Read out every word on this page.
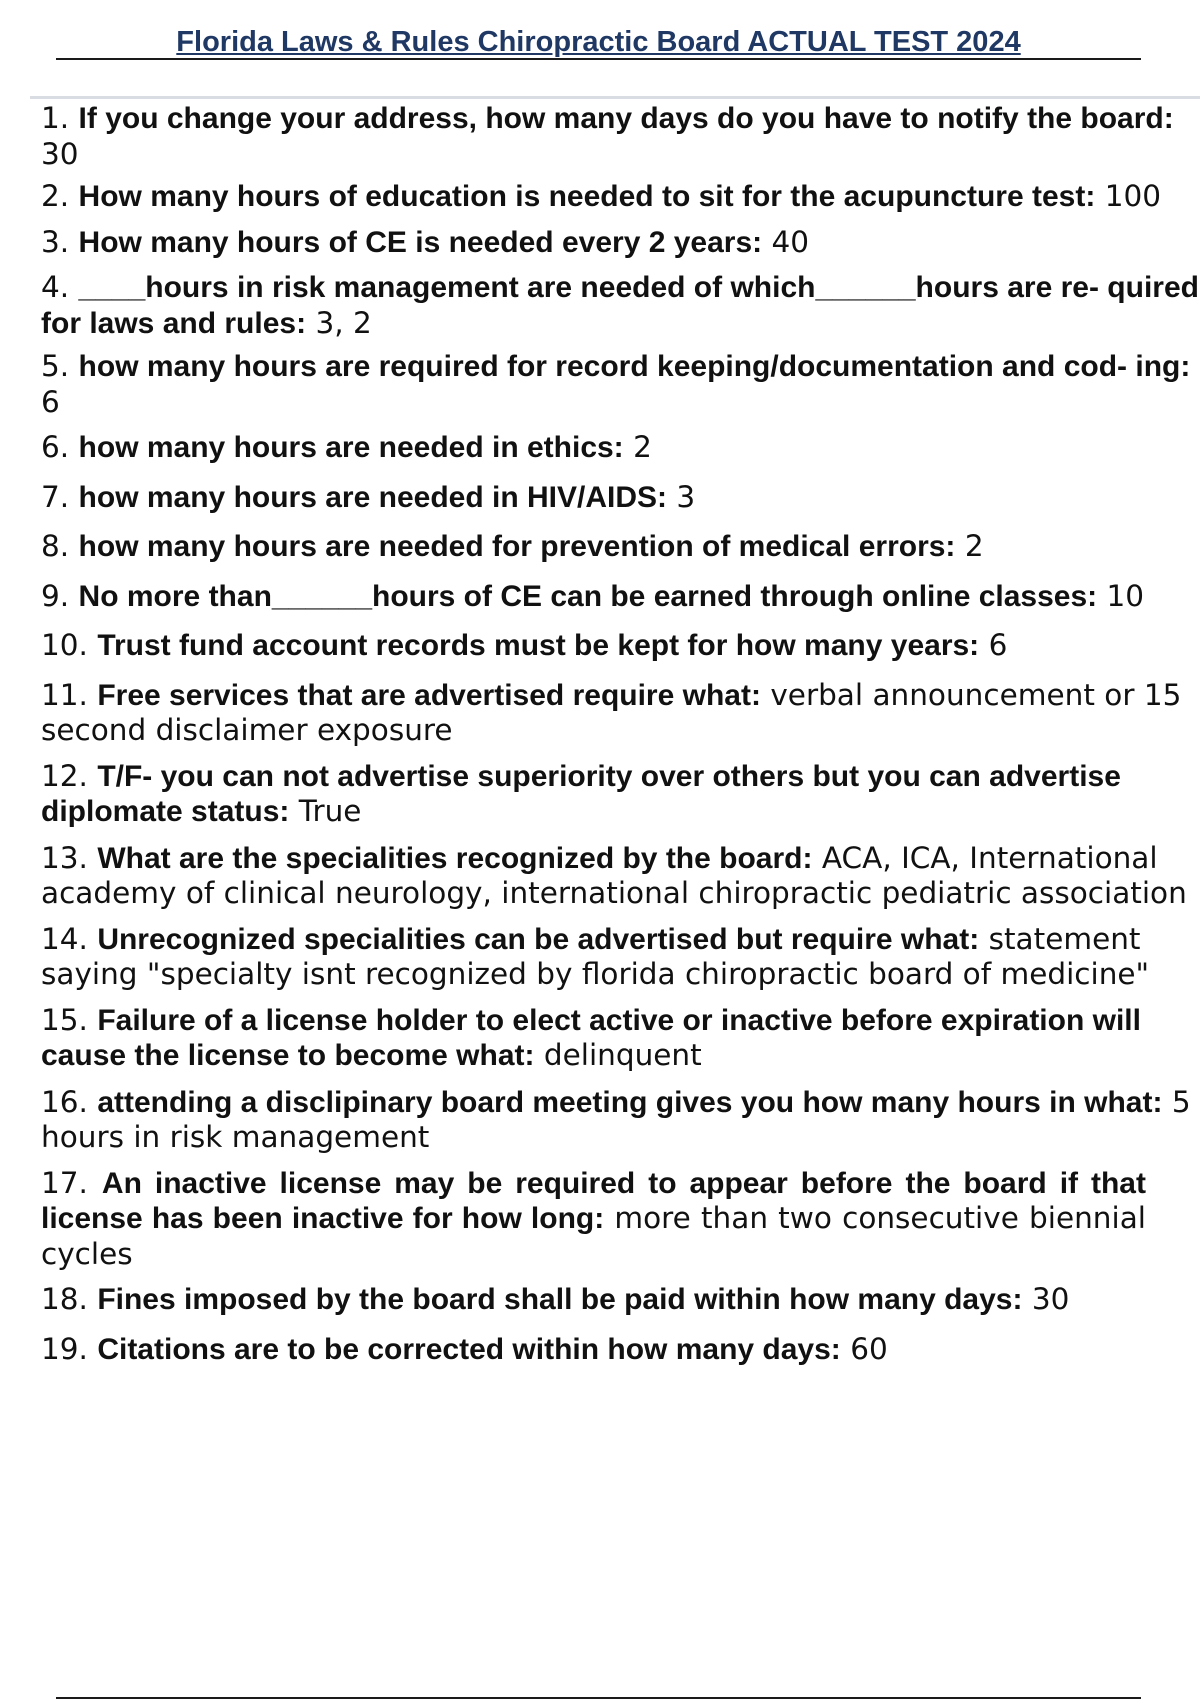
Florida Laws & Rules Chiropractic Board ACTUAL TEST 2024
1. If you change your address, how many days do you have to notify the board: 30
2. How many hours of education is needed to sit for the acupuncture test: 100
3. How many hours of CE is needed every 2 years: 40
4. ____hours in risk management are needed of which______hours are re- quired for laws and rules: 3, 2
5. how many hours are required for record keeping/documentation and cod- ing: 6
6. how many hours are needed in ethics: 2
7. how many hours are needed in HIV/AIDS: 3
8. how many hours are needed for prevention of medical errors: 2
9. No more than______hours of CE can be earned through online classes: 10
10. Trust fund account records must be kept for how many years: 6
11. Free services that are advertised require what: verbal announcement or 15 second disclaimer exposure
12. T/F- you can not advertise superiority over others but you can advertise diplomate status: True
13. What are the specialities recognized by the board: ACA, ICA, International academy of clinical neurology, international chiropractic pediatric association
14. Unrecognized specialities can be advertised but require what: statement saying "specialty isnt recognized by florida chiropractic board of medicine"
15. Failure of a license holder to elect active or inactive before expiration will cause the license to become what: delinquent
16. attending a disclipinary board meeting gives you how many hours in what: 5 hours in risk management
17. An inactive license may be required to appear before the board if that license has been inactive for how long: more than two consecutive biennial cycles
18. Fines imposed by the board shall be paid within how many days: 30
19. Citations are to be corrected within how many days: 60
